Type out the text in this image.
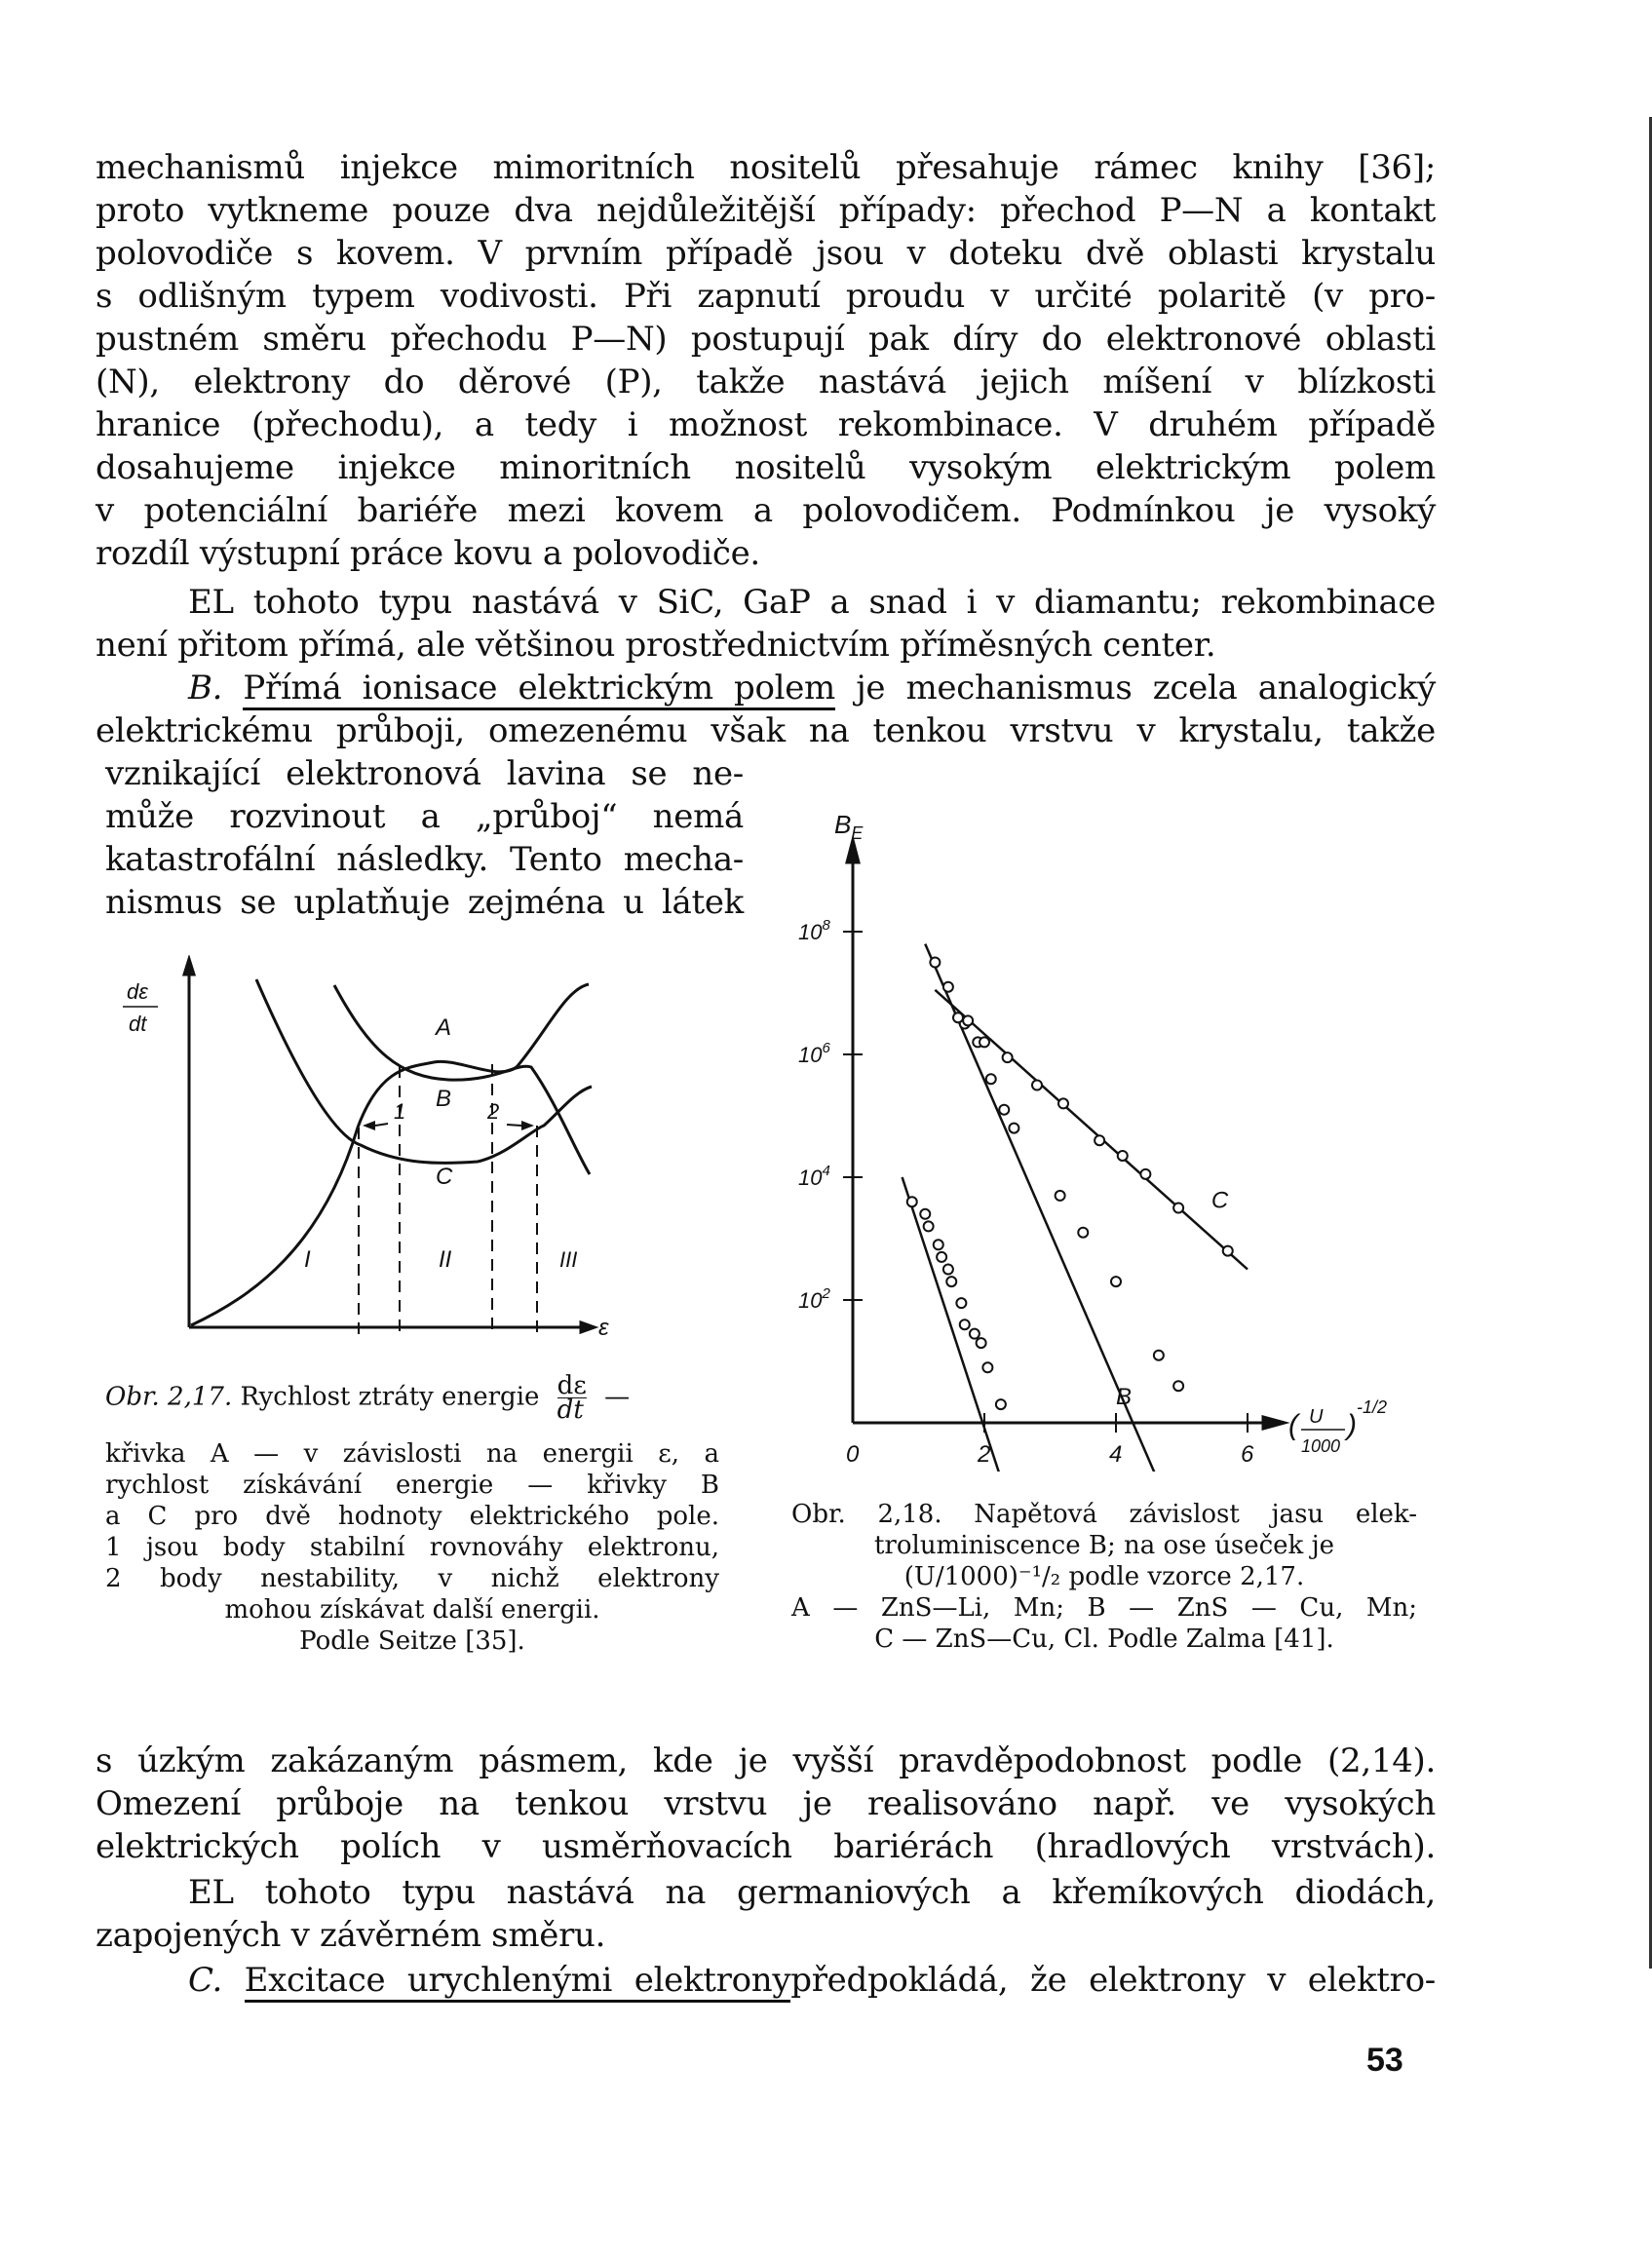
mechanismů injekce mimoritních nositelů přesahuje rámec knihy [36];
proto vytkneme pouze dva nejdůležitější případy: přechod P—N a kontakt
polovodiče s kovem. V prvním případě jsou v doteku dvě oblasti krystalu
s odlišným typem vodivosti. Při zapnutí proudu v určité polaritě (v pro-
pustném směru přechodu P—N) postupují pak díry do elektronové oblasti
(N), elektrony do děrové (P), takže nastává jejich míšení v blízkosti
hranice (přechodu), a tedy i možnost rekombinace. V druhém případě
dosahujeme injekce minoritních nositelů vysokým elektrickým polem
v potenciální bariéře mezi kovem a polovodičem. Podmínkou je vysoký
rozdíl výstupní práce kovu a polovodiče.
EL tohoto typu nastává v SiC, GaP a snad i v diamantu; rekombinace
není přitom přímá, ale většinou prostřednictvím příměsných center.
B. Přímá ionisace elektrickým polem je mechanismus zcela analogický
elektrickému průboji, omezenému však na tenkou vrstvu v krystalu, takže
vznikající elektronová lavina se ne-
může rozvinout a „průboj“ nemá
katastrofální následky. Tento mecha-
nismus se uplatňuje zejména u látek
dε
dt
ε
A
B
C
1	2
I	II	III
Obr. 2,17. Rychlost ztráty energie $\frac{d\varepsilon}{dt}$ —
křivka A — v závislosti na energii ε, a
rychlost získávání energie — křivky B
a C pro dvě hodnoty elektrického pole.
1 jsou body stabilní rovnováhy elektronu,
2 body nestability, v nichž elektrony
mohou získávat další energii.
Podle Seitze [35].
0	2	4	6
$10^2$
$10^4$
$10^6$
$10^8$
B
C
$B_E$
( U
1000
)
-1/2
Obr. 2,18. Napětová závislost jasu elek-
troluminiscence B; na ose úseček je
(U/1000)⁻¹/₂ podle vzorce 2,17.
A — ZnS—Li, Mn; B — ZnS — Cu, Mn;
C — ZnS—Cu, Cl. Podle Zalma [41].
s úzkým zakázaným pásmem, kde je vyšší pravděpodobnost podle (2,14).
Omezení průboje na tenkou vrstvu je realisováno např. ve vysokých
elektrických polích v usměrňovacích bariérách (hradlových vrstvách).
EL tohoto typu nastává na germaniových a křemíkových diodách,
zapojených v závěrném směru.
C. Excitace urychlenými elektronypředpokládá, že elektrony v elektro-
53
